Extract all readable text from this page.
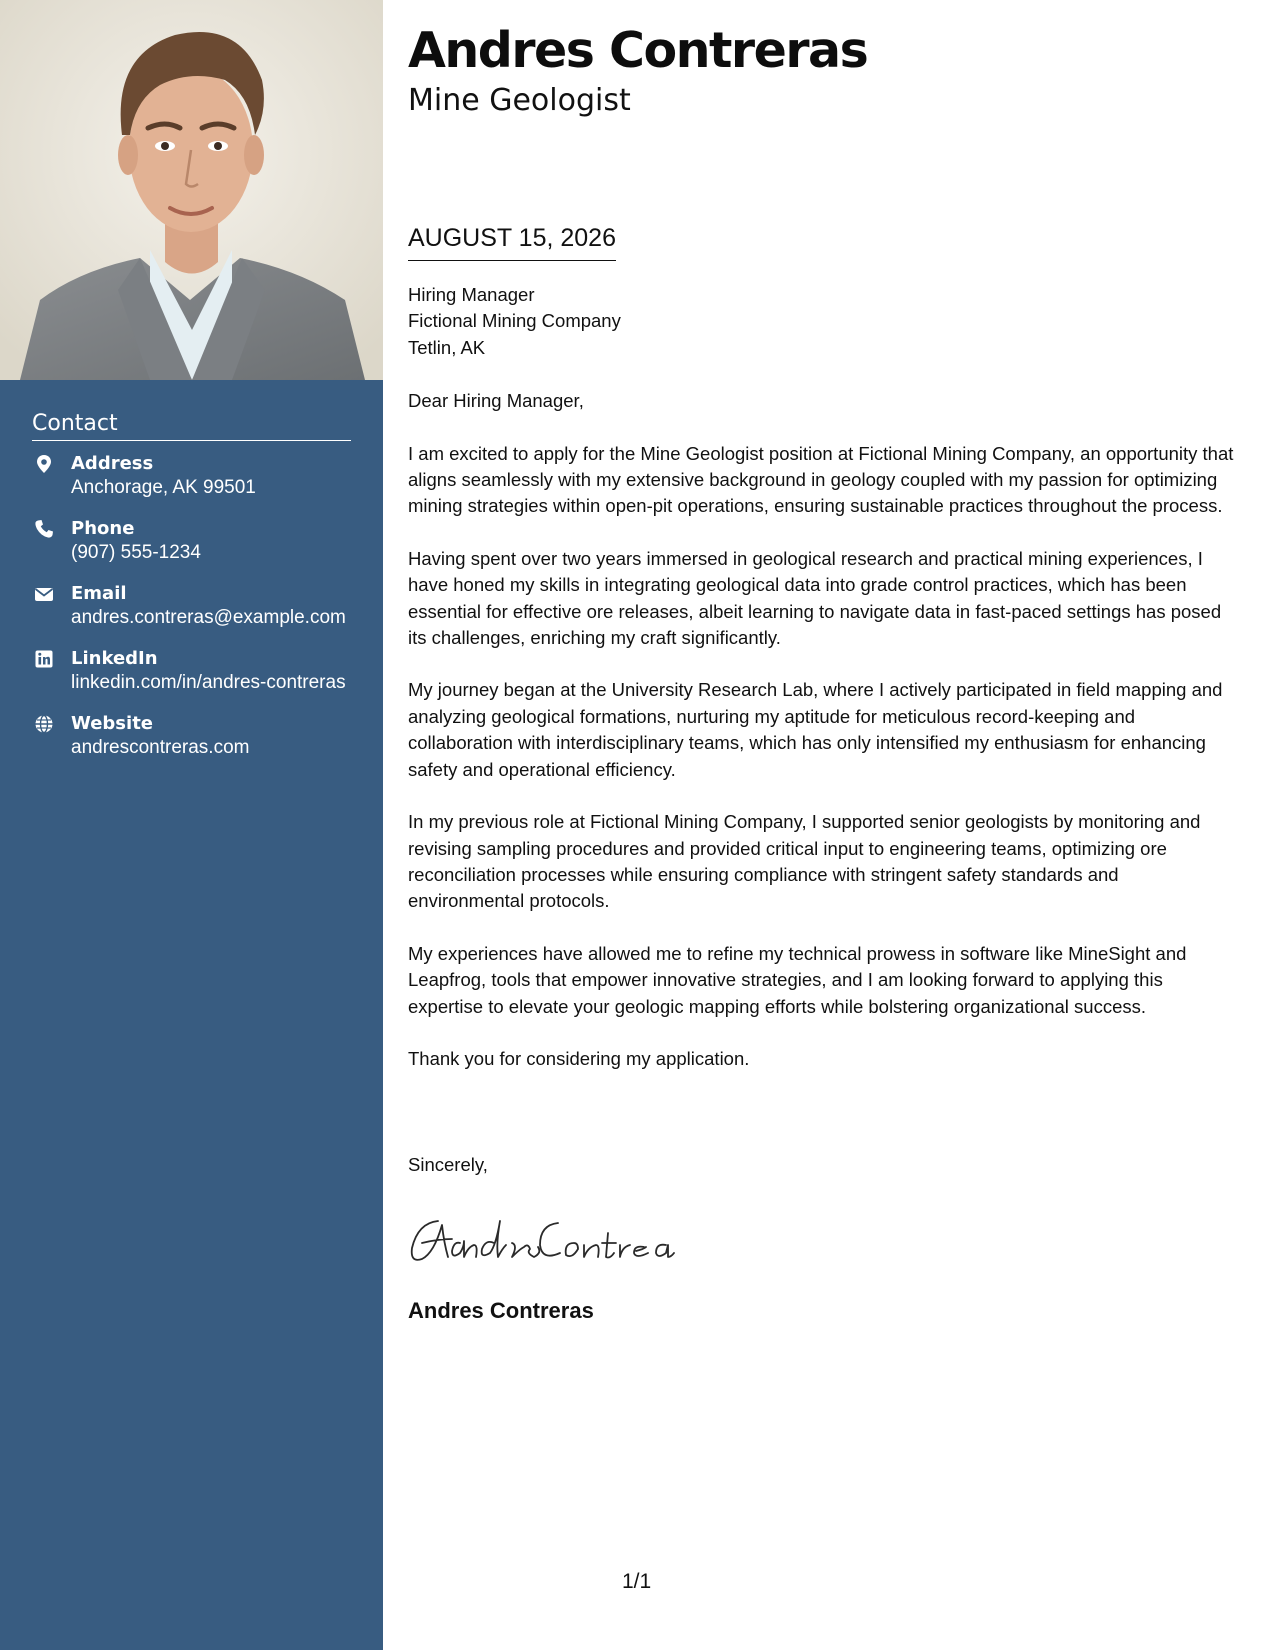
Contact
Address
Anchorage, AK 99501
Phone
(907) 555-1234
Email
andres.contreras@example.com
LinkedIn
linkedin.com/in/andres-contreras
Website
andrescontreras.com
Andres Contreras
Mine Geologist
AUGUST 15, 2026

Hiring Manager
Fictional Mining Company
Tetlin, AK

Dear Hiring Manager,

I am excited to apply for the Mine Geologist position at Fictional Mining Company, an opportunity that aligns seamlessly with my extensive background in geology coupled with my passion for optimizing mining strategies within open-pit operations, ensuring sustainable practices throughout the process.

Having spent over two years immersed in geological research and practical mining experiences, I have honed my skills in integrating geological data into grade control practices, which has been essential for effective ore releases, albeit learning to navigate data in fast-paced settings has posed its challenges, enriching my craft significantly.

My journey began at the University Research Lab, where I actively participated in field mapping and analyzing geological formations, nurturing my aptitude for meticulous record-keeping and collaboration with interdisciplinary teams, which has only intensified my enthusiasm for enhancing safety and operational efficiency.

In my previous role at Fictional Mining Company, I supported senior geologists by monitoring and revising sampling procedures and provided critical input to engineering teams, optimizing ore reconciliation processes while ensuring compliance with stringent safety standards and environmental protocols.

My experiences have allowed me to refine my technical prowess in software like MineSight and Leapfrog, tools that empower innovative strategies, and I am looking forward to applying this expertise to elevate your geologic mapping efforts while bolstering organizational success.

Thank you for considering my application.

Sincerely,
Andres Contreras
1/1
